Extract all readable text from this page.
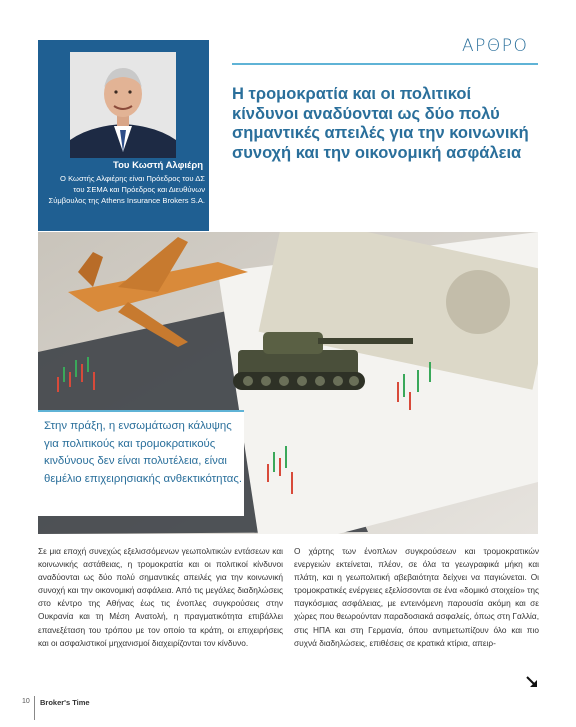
ΑΡΘΡΟ
Του Κωστή Αλφιέρη
Ο Κωστής Αλφιέρης είναι Πρόεδρος του ΔΣ του ΣΕΜΑ και Πρόεδρος και Διευθύνων Σύμβουλος της Athens Insurance Brokers S.A.
Η τρομοκρατία και οι πολιτικοί κίνδυνοι αναδύονται ως δύο πολύ σημαντικές απειλές για την κοινωνική συνοχή και την οικονομική ασφάλεια
Στην πράξη, η ενσωμάτωση κάλυψης για πολιτικούς και τρομοκρατικούς κινδύνους δεν είναι πολυτέλεια, είναι θεμέλιο επιχειρησιακής ανθεκτικότητας.

Σε μια εποχή συνεχώς εξελισσόμενων γεωπολιτικών εντάσεων και κοινωνικής αστάθειας, η τρομοκρατία και οι πολιτικοί κίνδυνοι αναδύονται ως δύο πολύ σημαντικές απειλές για την κοινωνική συνοχή και την οικονομική ασφάλεια. Από τις μεγάλες διαδηλώσεις στο κέντρο της Αθήνας έως τις ένοπλες συγκρούσεις στην Ουκρανία και τη Μέση Ανατολή, η πραγματικότητα επιβάλλει επανεξέταση του τρόπου με τον οποίο τα κράτη, οι επιχειρήσεις και οι ασφαλιστικοί μηχανισμοί διαχειρίζονται τον κίνδυνο.

Ο χάρτης των ένοπλων συγκρούσεων και τρομοκρατικών ενεργειών εκτείνεται, πλέον, σε όλα τα γεωγραφικά μήκη και πλάτη, και η γεωπολιτική αβεβαιότητα δείχνει να παγιώνεται. Οι τρομοκρατικές ενέργειες εξελίσσονται σε ένα «δομικό στοιχείο» της παγκόσμιας ασφάλειας, με εντεινόμενη παρουσία ακόμη και σε χώρες που θεωρούνταν παραδοσιακά ασφαλείς, όπως στη Γαλλία, στις ΗΠΑ και στη Γερμανία, όπου αντιμετωπίζουν όλο και πιο συχνά διαδηλώσεις, επιθέσεις σε κρατικά κτίρια, απειρ-

10 Broker's Time
